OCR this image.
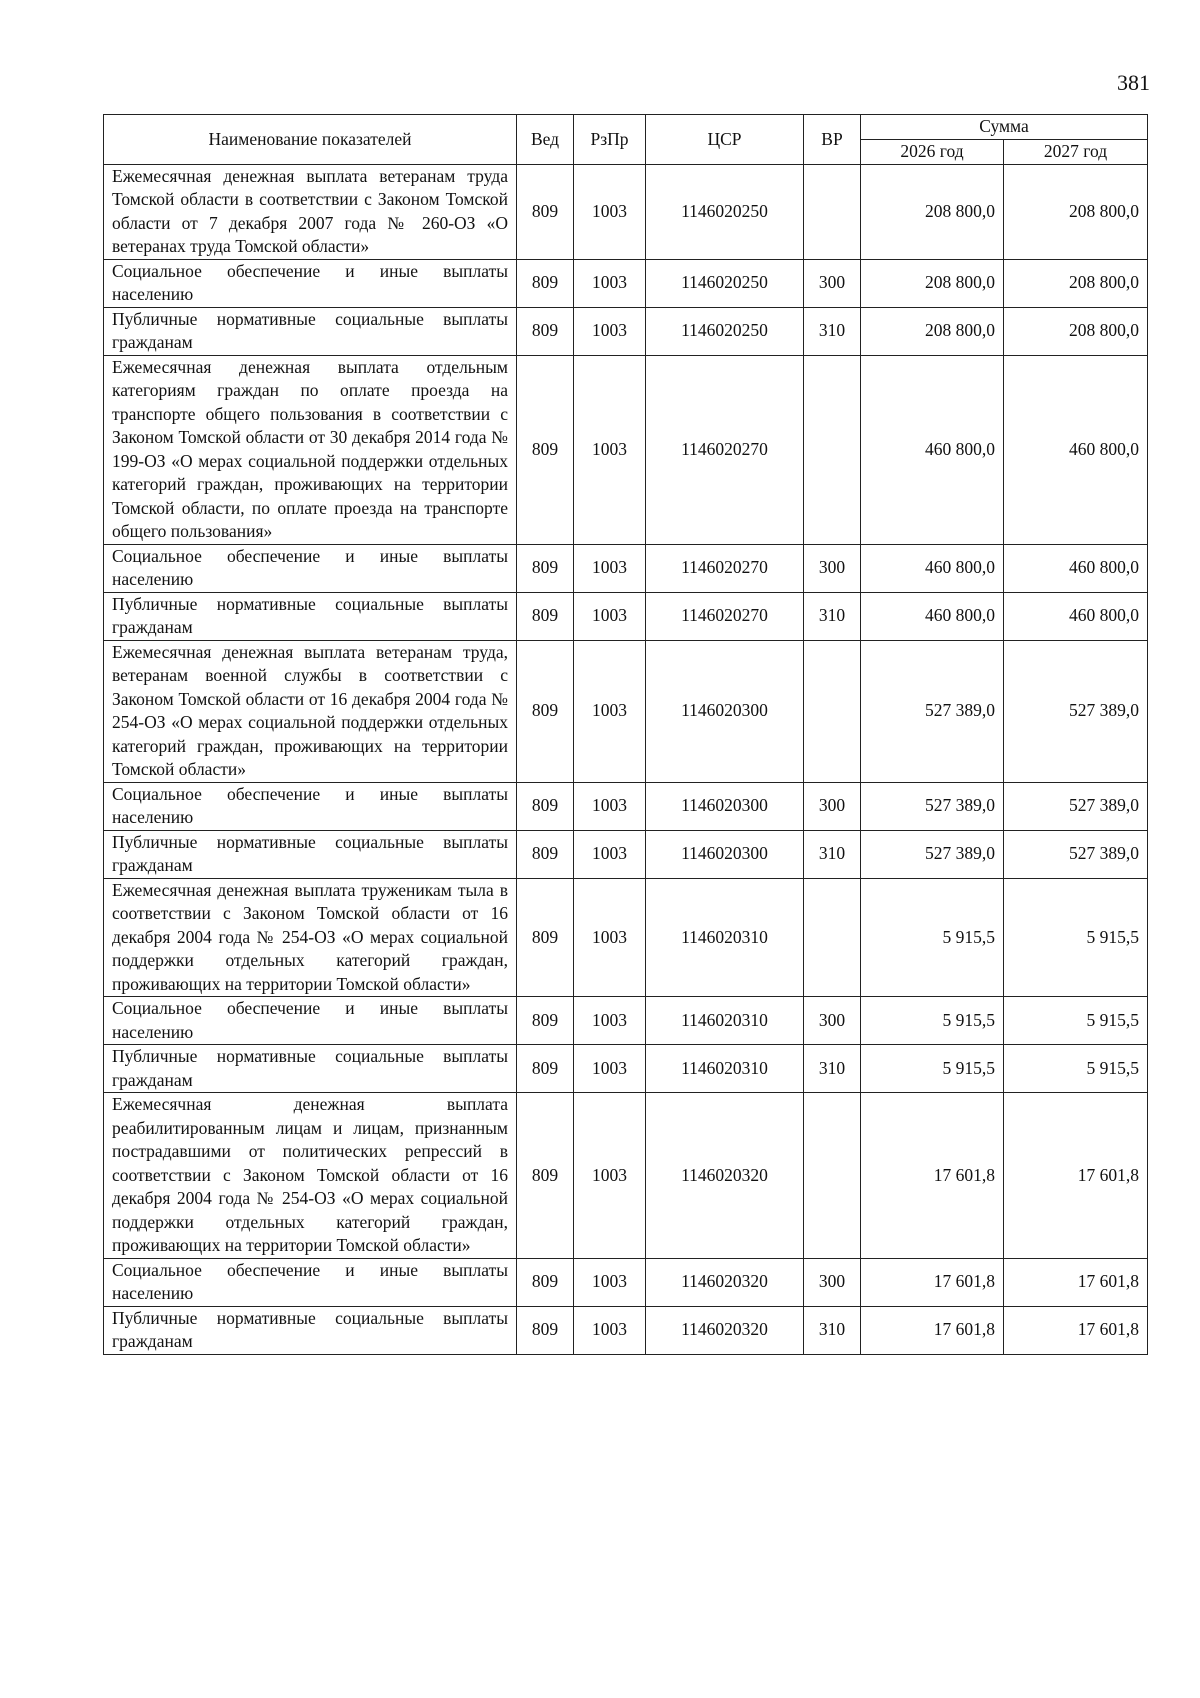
381
Наименование показателей	Вед	РзПр	ЦСР	ВР	Сумма	
					2026 год	2027 год
Ежемесячная денежная выплата ветеранам труда Томской области в соответствии с Законом Томской области от 7 декабря 2007 года № 260-ОЗ «О ветеранах труда Томской области»	809	1003	1146020250		208 800,0	208 800,0
Социальное обеспечение и иные выплаты населению	809	1003	1146020250	300	208 800,0	208 800,0
Публичные нормативные социальные выплаты гражданам	809	1003	1146020250	310	208 800,0	208 800,0
Ежемесячная денежная выплата отдельным категориям граждан по оплате проезда на транспорте общего пользования в соответствии с Законом Томской области от 30 декабря 2014 года № 199-ОЗ «О мерах социальной поддержки отдельных категорий граждан, проживающих на территории Томской области, по оплате проезда на транспорте общего пользования»	809	1003	1146020270		460 800,0	460 800,0
Социальное обеспечение и иные выплаты населению	809	1003	1146020270	300	460 800,0	460 800,0
Публичные нормативные социальные выплаты гражданам	809	1003	1146020270	310	460 800,0	460 800,0
Ежемесячная денежная выплата ветеранам труда, ветеранам военной службы в соответствии с Законом Томской области от 16 декабря 2004 года № 254-ОЗ «О мерах социальной поддержки отдельных категорий граждан, проживающих на территории Томской области»	809	1003	1146020300		527 389,0	527 389,0
Социальное обеспечение и иные выплаты населению	809	1003	1146020300	300	527 389,0	527 389,0
Публичные нормативные социальные выплаты гражданам	809	1003	1146020300	310	527 389,0	527 389,0
Ежемесячная денежная выплата труженикам тыла в соответствии с Законом Томской области от 16 декабря 2004 года № 254-ОЗ «О мерах социальной поддержки отдельных категорий граждан, проживающих на территории Томской области»	809	1003	1146020310		5 915,5	5 915,5
Социальное обеспечение и иные выплаты населению	809	1003	1146020310	300	5 915,5	5 915,5
Публичные нормативные социальные выплаты гражданам	809	1003	1146020310	310	5 915,5	5 915,5
Ежемесячная денежная выплата реабилитированным лицам и лицам, признанным пострадавшими от политических репрессий в соответствии с Законом Томской области от 16 декабря 2004 года № 254-ОЗ «О мерах социальной поддержки отдельных категорий граждан, проживающих на территории Томской области»	809	1003	1146020320		17 601,8	17 601,8
Социальное обеспечение и иные выплаты населению	809	1003	1146020320	300	17 601,8	17 601,8
Публичные нормативные социальные выплаты гражданам	809	1003	1146020320	310	17 601,8	17 601,8
